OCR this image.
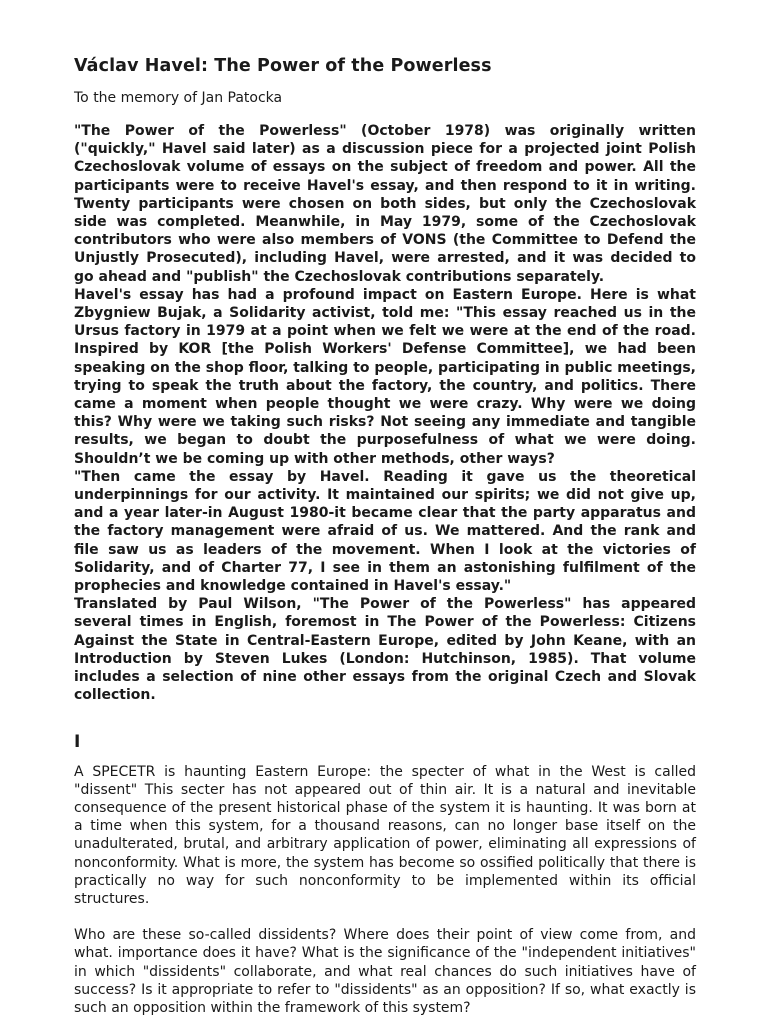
Václav Havel: The Power of the Powerless

To the memory of Jan Patocka

"The Power of the Powerless" (October 1978) was originally written ("quickly," Havel said later) as a discussion piece for a projected joint Polish Czechoslovak volume of essays on the subject of freedom and power. All the participants were to receive Havel's essay, and then respond to it in writing. Twenty participants were chosen on both sides, but only the Czechoslovak side was completed. Meanwhile, in May 1979, some of the Czechoslovak contributors who were also members of VONS (the Committee to Defend the Unjustly Prosecuted), including Havel, were arrested, and it was decided to go ahead and "publish" the Czechoslovak contributions separately.

Havel's essay has had a profound impact on Eastern Europe. Here is what Zbygniew Bujak, a Solidarity activist, told me: "This essay reached us in the Ursus factory in 1979 at a point when we felt we were at the end of the road. Inspired by KOR [the Polish Workers' Defense Committee], we had been speaking on the shop floor, talking to people, participating in public meetings, trying to speak the truth about the factory, the country, and politics. There came a moment when people thought we were crazy. Why were we doing this? Why were we taking such risks? Not seeing any immediate and tangible results, we began to doubt the purposefulness of what we were doing. Shouldn’t we be coming up with other methods, other ways?

"Then came the essay by Havel. Reading it gave us the theoretical underpinnings for our activity. It maintained our spirits; we did not give up, and a year later-in August 1980-it became clear that the party apparatus and the factory management were afraid of us. We mattered. And the rank and file saw us as leaders of the movement. When I look at the victories of Solidarity, and of Charter 77, I see in them an astonishing fulfilment of the prophecies and knowledge contained in Havel's essay."

Translated by Paul Wilson, "The Power of the Powerless" has appeared several times in English, foremost in The Power of the Powerless: Citizens Against the State in Central-Eastern Europe, edited by John Keane, with an Introduction by Steven Lukes (London: Hutchinson, 1985). That volume includes a selection of nine other essays from the original Czech and Slovak collection.

I

A SPECETR is haunting Eastern Europe: the specter of what in the West is called "dissent" This secter has not appeared out of thin air. It is a natural and inevitable consequence of the present historical phase of the system it is haunting. It was born at a time when this system, for a thousand reasons, can no longer base itself on the unadulterated, brutal, and arbitrary application of power, eliminating all expressions of nonconformity. What is more, the system has become so ossified politically that there is practically no way for such nonconformity to be implemented within its official structures.

Who are these so-called dissidents? Where does their point of view come from, and what. importance does it have? What is the significance of the "independent initiatives" in which "dissidents" collaborate, and what real chances do such initiatives have of success? Is it appropriate to refer to "dissidents" as an opposition? If so, what exactly is such an opposition within the framework of this system?
